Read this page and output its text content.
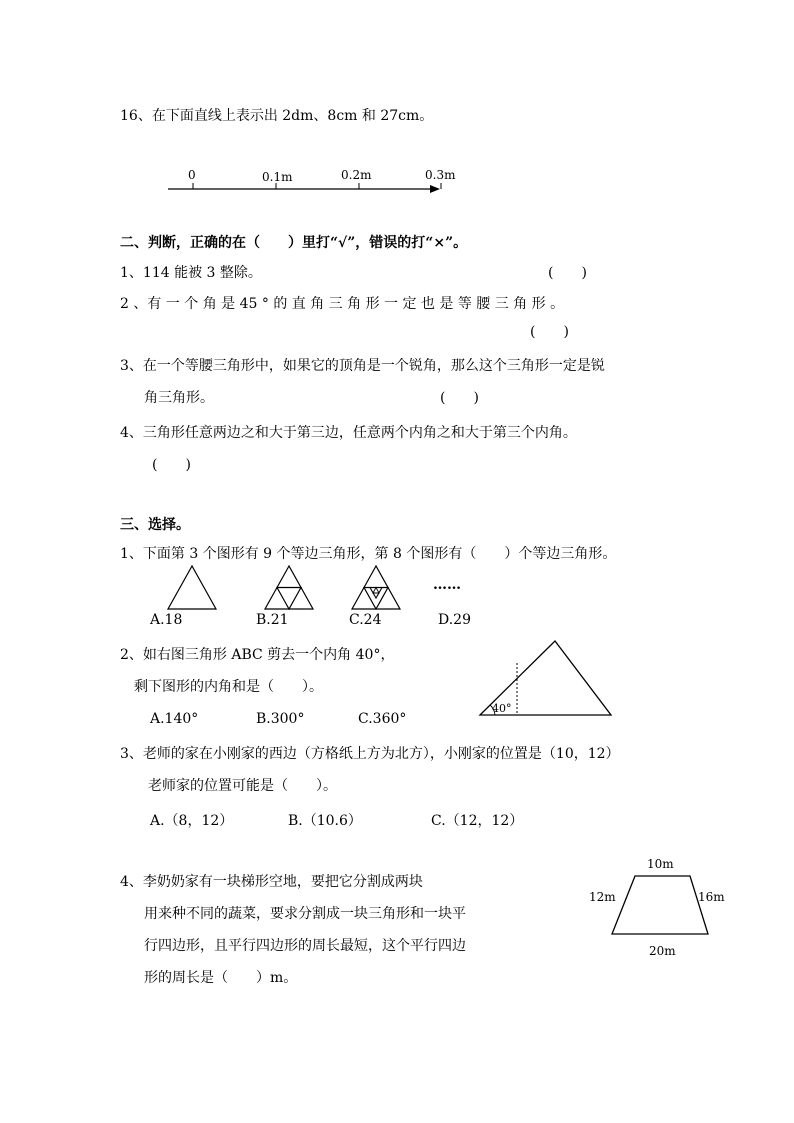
16、在下面直线上表示出 2dm、8cm 和 27cm。
0	0.1m	0.2m	0.3m
二、判断，正确的在（　　）里打“√”，错误的打“×”。
1、114 能被 3 整除。	(　　)
2 、有 一 个 角 是 45 ° 的 直 角 三 角 形 一 定 也 是 等 腰 三 角 形 。
(　　)
3、在一个等腰三角形中，如果它的顶角是一个锐角，那么这个三角形一定是锐
角三角形。	(　　)
4、三角形任意两边之和大于第三边，任意两个内角之和大于第三个内角。
(　　)
三、选择。
1、下面第 3 个图形有 9 个等边三角形，第 8 个图形有（　　）个等边三角形。
……
A.18	B.21	C.24	D.29
2、如右图三角形 ABC 剪去一个内角 40°，
剩下图形的内角和是（　　）。
A.140°	B.300°	C.360°
40°
3、老师的家在小刚家的西边（方格纸上方为北方），小刚家的位置是（10，12）
老师家的位置可能是（　　）。
A.（8，12）	B.（10.6）	C.（12，12）
4、李奶奶家有一块梯形空地，要把它分割成两块
用来种不同的蔬菜，要求分割成一块三角形和一块平
行四边形，且平行四边形的周长最短，这个平行四边
形的周长是（　　）m。
10m
12m	16m
20m
